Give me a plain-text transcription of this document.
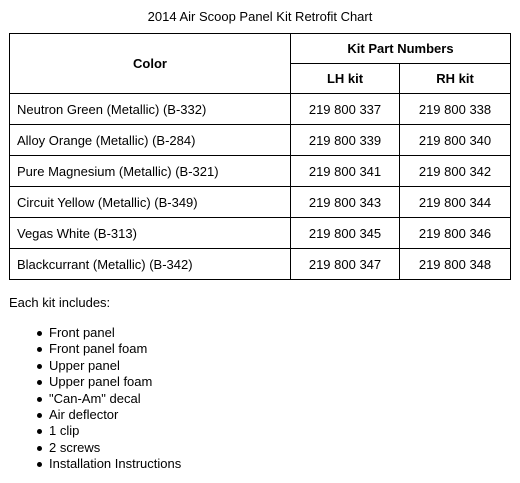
2014 Air Scoop Panel Kit Retrofit Chart
Color	Kit Part Numbers	
	LH kit	RH kit
Neutron Green (Metallic) (B-332)	219 800 337	219 800 338
Alloy Orange (Metallic) (B-284)	219 800 339	219 800 340
Pure Magnesium (Metallic) (B-321)	219 800 341	219 800 342
Circuit Yellow (Metallic) (B-349)	219 800 343	219 800 344
Vegas White (B-313)	219 800 345	219 800 346
Blackcurrant (Metallic) (B-342)	219 800 347	219 800 348
Each kit includes:
Front panel
Front panel foam
Upper panel
Upper panel foam
"Can-Am" decal
Air deflector
1 clip
2 screws
Installation Instructions
